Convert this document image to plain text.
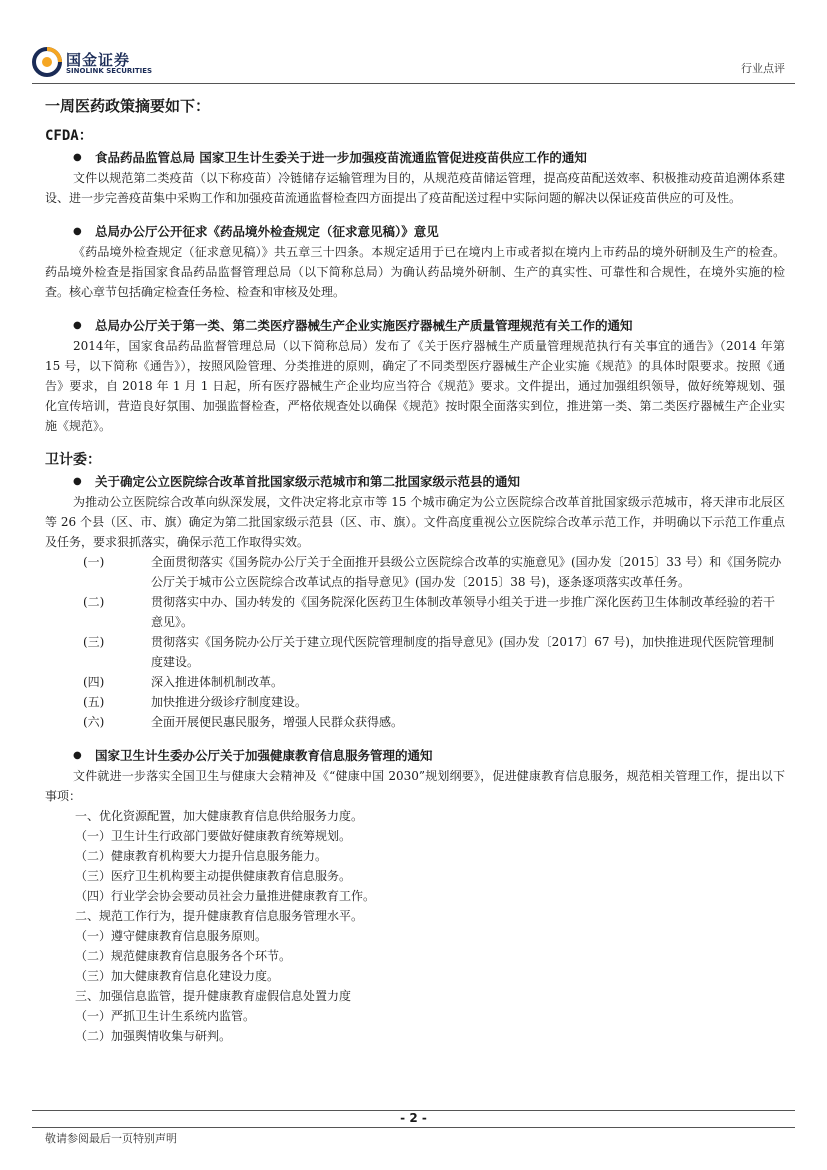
国金证券
SINOLINK SECURITIES	行业点评

一周医药政策摘要如下：

CFDA：

● 食品药品监管总局 国家卫生计生委关于进一步加强疫苗流通监管促进疫苗供应工作的通知

文件以规范第二类疫苗（以下称疫苗）冷链储存运输管理为目的，从规范疫苗储运管理，提高疫苗配送效率、积极推动疫苗追溯体系建设、进一步完善疫苗集中采购工作和加强疫苗流通监督检查四方面提出了疫苗配送过程中实际问题的解决以保证疫苗供应的可及性。

● 总局办公厅公开征求《药品境外检查规定（征求意见稿）》意见

《药品境外检查规定（征求意见稿）》共五章三十四条。本规定适用于已在境内上市或者拟在境内上市药品的境外研制及生产的检查。药品境外检查是指国家食品药品监督管理总局（以下简称总局）为确认药品境外研制、生产的真实性、可靠性和合规性，在境外实施的检查。核心章节包括确定检查任务检、检查和审核及处理。

● 总局办公厅关于第一类、第二类医疗器械生产企业实施医疗器械生产质量管理规范有关工作的通知

2014年，国家食品药品监督管理总局（以下简称总局）发布了《关于医疗器械生产质量管理规范执行有关事宜的通告》（2014 年第 15 号，以下简称《通告》），按照风险管理、分类推进的原则，确定了不同类型医疗器械生产企业实施《规范》的具体时限要求。按照《通告》要求，自 2018 年 1 月 1 日起，所有医疗器械生产企业均应当符合《规范》要求。文件提出，通过加强组织领导，做好统筹规划、强化宣传培训，营造良好氛围、加强监督检查，严格依规查处以确保《规范》按时限全面落实到位，推进第一类、第二类医疗器械生产企业实施《规范》。

卫计委：

● 关于确定公立医院综合改革首批国家级示范城市和第二批国家级示范县的通知

为推动公立医院综合改革向纵深发展，文件决定将北京市等 15 个城市确定为公立医院综合改革首批国家级示范城市，将天津市北辰区等 26 个县（区、市、旗）确定为第二批国家级示范县（区、市、旗）。文件高度重视公立医院综合改革示范工作，并明确以下示范工作重点及任务，要求狠抓落实，确保示范工作取得实效。

(一)	全面贯彻落实《国务院办公厅关于全面推开县级公立医院综合改革的实施意见》(国办发〔2015〕33 号）和《国务院办公厅关于城市公立医院综合改革试点的指导意见》(国办发〔2015〕38 号)，逐条逐项落实改革任务。

(二)	贯彻落实中办、国办转发的《国务院深化医药卫生体制改革领导小组关于进一步推广深化医药卫生体制改革经验的若干意见》。

(三)	贯彻落实《国务院办公厅关于建立现代医院管理制度的指导意见》(国办发〔2017〕67 号)，加快推进现代医院管理制度建设。

(四)	深入推进体制机制改革。

(五)	加快推进分级诊疗制度建设。

(六)	全面开展便民惠民服务，增强人民群众获得感。

● 国家卫生计生委办公厅关于加强健康教育信息服务管理的通知

文件就进一步落实全国卫生与健康大会精神及《“健康中国 2030”规划纲要》，促进健康教育信息服务，规范相关管理工作，提出以下事项：

一、优化资源配置，加大健康教育信息供给服务力度。

（一）卫生计生行政部门要做好健康教育统筹规划。

（二）健康教育机构要大力提升信息服务能力。

（三）医疗卫生机构要主动提供健康教育信息服务。

（四）行业学会协会要动员社会力量推进健康教育工作。

二、规范工作行为，提升健康教育信息服务管理水平。

（一）遵守健康教育信息服务原则。

（二）规范健康教育信息服务各个环节。

（三）加大健康教育信息化建设力度。

三、加强信息监管，提升健康教育虚假信息处置力度

（一）严抓卫生计生系统内监管。

（二）加强舆情收集与研判。

- 2 -
敬请参阅最后一页特别声明
